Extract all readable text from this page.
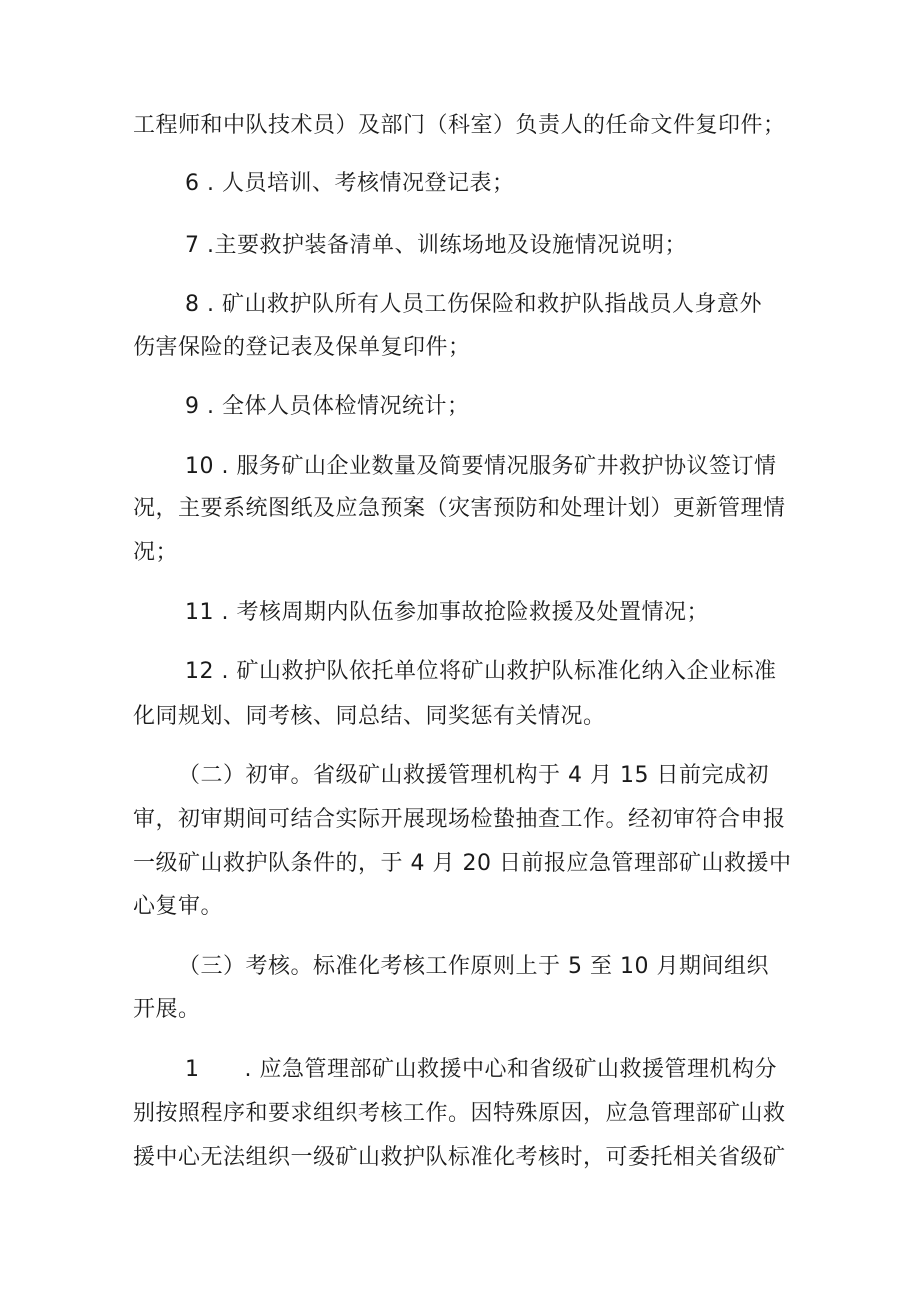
工程师和中队技术员）及部门（科室）负责人的任命文件复印件；
6 . 人员培训、考核情况登记表；
7 .主要救护装备清单、训练场地及设施情况说明；
8 . 矿山救护队所有人员工伤保险和救护队指战员人身意外
伤害保险的登记表及保单复印件；
9 . 全体人员体检情况统计；
10 . 服务矿山企业数量及简要情况服务矿井救护协议签订情
况，主要系统图纸及应急预案（灾害预防和处理计划）更新管理情
况；
11 . 考核周期内队伍参加事故抢险救援及处置情况；
12 . 矿山救护队依托单位将矿山救护队标准化纳入企业标准
化同规划、同考核、同总结、同奖惩有关情况。
（二）初审。省级矿山救援管理机构于 4 月 15 日前完成初
审，初审期间可结合实际开展现场检蛰抽查工作。经初审符合申报
一级矿山救护队条件的，于 4 月 20 日前报应急管理部矿山救援中
心复审。
（三）考核。标准化考核工作原则上于 5 至 10 月期间组织
开展。
1　　. 应急管理部矿山救援中心和省级矿山救援管理机构分
别按照程序和要求组织考核工作。因特殊原因，应急管理部矿山救
援中心无法组织一级矿山救护队标准化考核时，可委托相关省级矿
